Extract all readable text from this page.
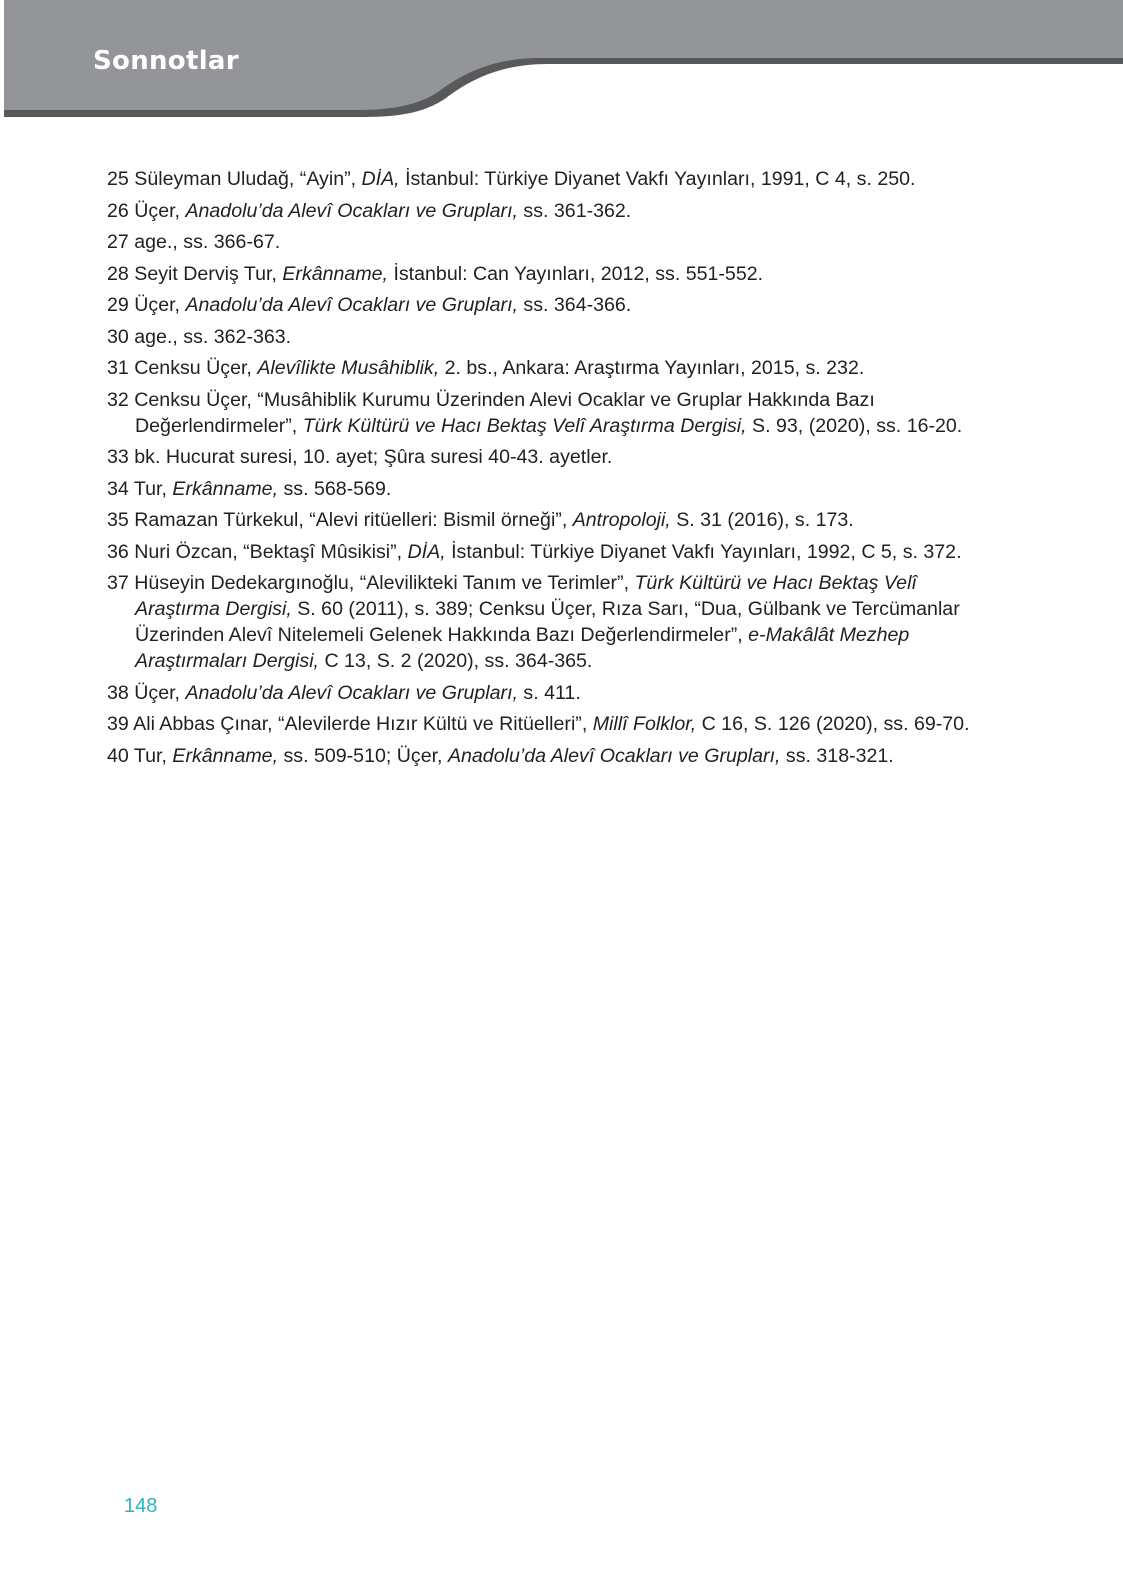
Sonnotlar
25 Süleyman Uludağ, “Ayin”, DİA, İstanbul: Türkiye Diyanet Vakfı Yayınları, 1991, C 4, s. 250.
26 Üçer, Anadolu’da Alevî Ocakları ve Grupları, ss. 361-362.
27 age., ss. 366-67.
28 Seyit Derviş Tur, Erkânname, İstanbul: Can Yayınları, 2012, ss. 551-552.
29 Üçer, Anadolu’da Alevî Ocakları ve Grupları, ss. 364-366.
30 age., ss. 362-363.
31 Cenksu Üçer, Alevîlikte Musâhiblik, 2. bs., Ankara: Araştırma Yayınları, 2015, s. 232.
32 Cenksu Üçer, “Musâhiblik Kurumu Üzerinden Alevi Ocaklar ve Gruplar Hakkında Bazı Değerlendirmeler”, Türk Kültürü ve Hacı Bektaş Velî Araştırma Dergisi, S. 93, (2020), ss. 16-20.
33 bk. Hucurat suresi, 10. ayet; Şûra suresi 40-43. ayetler.
34 Tur, Erkânname, ss. 568-569.
35 Ramazan Türkekul, “Alevi ritüelleri: Bismil örneği”, Antropoloji, S. 31 (2016), s. 173.
36 Nuri Özcan, “Bektaşî Mûsikisi”, DİA, İstanbul: Türkiye Diyanet Vakfı Yayınları, 1992, C 5, s. 372.
37 Hüseyin Dedekargınoğlu, “Alevilikteki Tanım ve Terimler”, Türk Kültürü ve Hacı Bektaş Velî Araştırma Dergisi, S. 60 (2011), s. 389; Cenksu Üçer, Rıza Sarı, “Dua, Gülbank ve Tercümanlar Üzerinden Alevî Nitelemeli Gelenek Hakkında Bazı Değerlendirmeler”, e-Makâlât Mezhep Araştırmaları Dergisi, C 13, S. 2 (2020), ss. 364-365.
38 Üçer, Anadolu’da Alevî Ocakları ve Grupları, s. 411.
39 Ali Abbas Çınar, “Alevilerde Hızır Kültü ve Ritüelleri”, Millî Folklor, C 16, S. 126 (2020), ss. 69-70.
40 Tur, Erkânname, ss. 509-510; Üçer, Anadolu’da Alevî Ocakları ve Grupları, ss. 318-321.
148
